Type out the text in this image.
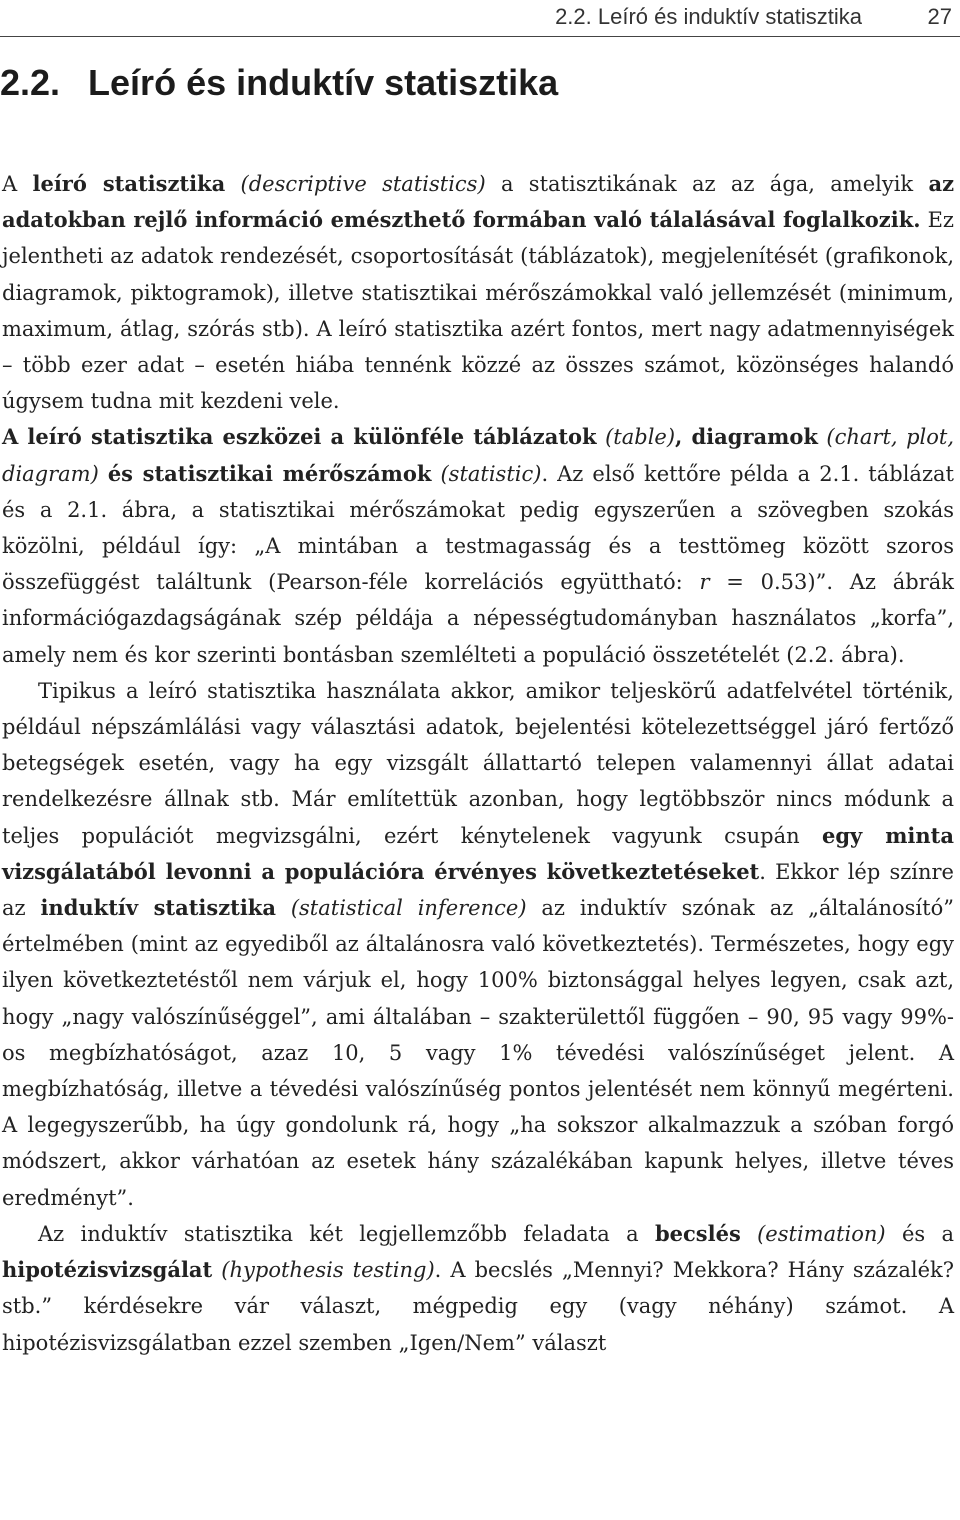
2.2. Leíró és induktív statisztika	27
2.2. Leíró és induktív statisztika

A leíró statisztika (descriptive statistics) a statisztikának az az ága, amelyik az adatokban rejlő információ emészthető formában való tálalásával foglalkozik. Ez jelentheti az adatok rendezését, csoportosítását (táblázatok), megjelenítését (grafikonok, diagramok, piktogramok), illetve statisztikai mérőszámokkal való jellemzését (minimum, maximum, átlag, szórás stb). A leíró statisztika azért fontos, mert nagy adatmennyiségek – több ezer adat – esetén hiába tennénk közzé az összes számot, közönséges halandó úgysem tudna mit kezdeni vele.

A leíró statisztika eszközei a különféle táblázatok (table), diagramok (chart, plot, diagram) és statisztikai mérőszámok (statistic). Az első kettőre példa a 2.1. táblázat és a 2.1. ábra, a statisztikai mérőszámokat pedig egyszerűen a szövegben szokás közölni, például így: „A mintában a testmagasság és a testtömeg között szoros összefüggést találtunk (Pearson-féle korrelációs együttható: r = 0.53)”. Az ábrák információgazdagságának szép példája a népességtudományban használatos „korfa”, amely nem és kor szerinti bontásban szemlélteti a populáció összetételét (2.2. ábra).

Tipikus a leíró statisztika használata akkor, amikor teljeskörű adatfelvétel történik, például népszámlálási vagy választási adatok, bejelentési kötelezettséggel járó fertőző betegségek esetén, vagy ha egy vizsgált állattartó telepen valamennyi állat adatai rendelkezésre állnak stb. Már említettük azonban, hogy legtöbbször nincs módunk a teljes populációt megvizsgálni, ezért kénytelenek vagyunk csupán egy minta vizsgálatából levonni a populációra érvényes következtetéseket. Ekkor lép színre az induktív statisztika (statistical inference) az induktív szónak az „általánosító” értelmében (mint az egyediből az általánosra való következtetés). Természetes, hogy egy ilyen következtetéstől nem várjuk el, hogy 100% biztonsággal helyes legyen, csak azt, hogy „nagy valószínűséggel”, ami általában – szakterülettől függően – 90, 95 vagy 99%-os megbízhatóságot, azaz 10, 5 vagy 1% tévedési valószínűséget jelent. A megbízhatóság, illetve a tévedési valószínűség pontos jelentését nem könnyű megérteni. A legegyszerűbb, ha úgy gondolunk rá, hogy „ha sokszor alkalmazzuk a szóban forgó módszert, akkor várhatóan az esetek hány százalékában kapunk helyes, illetve téves eredményt”.

Az induktív statisztika két legjellemzőbb feladata a becslés (estimation) és a hipotézisvizsgálat (hypothesis testing). A becslés „Mennyi? Mekkora? Hány százalék? stb.” kérdésekre vár választ, mégpedig egy (vagy néhány) számot. A hipotézisvizsgálatban ezzel szemben „Igen/Nem” választ
